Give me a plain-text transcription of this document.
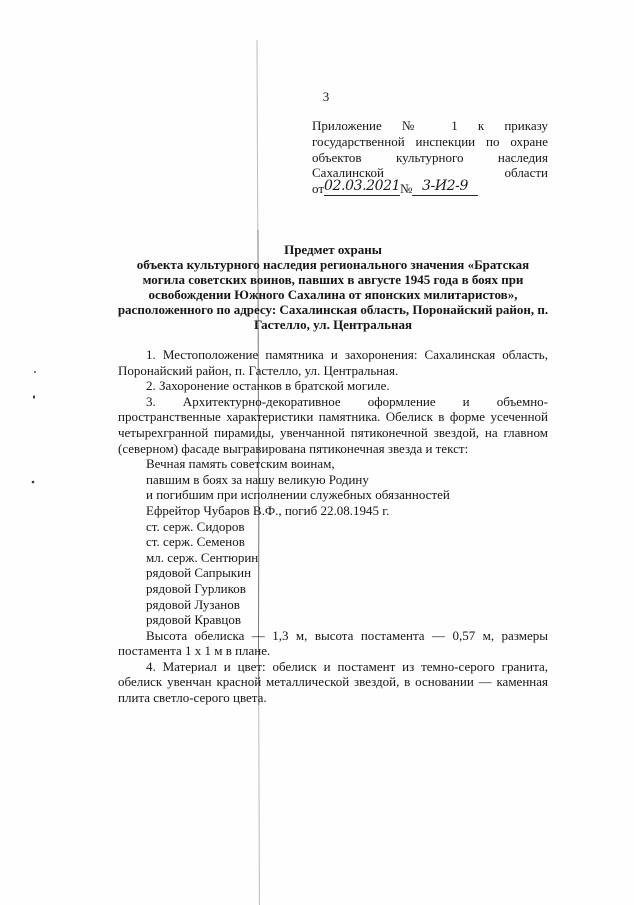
3
Приложение № 1 к приказу
государственной инспекции по охране
объектов культурного наследия
Сахалинской области
от 02.03.2021 № 3-И2-9
Предмет охраны
объекта культурного наследия регионального значения «Братская
могила советских воинов, павших в августе 1945 года в боях при
освобождении Южного Сахалина от японских милитаристов»,
расположенного по адресу: Сахалинская область, Поронайский район, п.
Гастелло, ул. Центральная
1. Местоположение памятника и захоронения: Сахалинская область,
Поронайский район, п. Гастелло, ул. Центральная.
2. Захоронение останков в братской могиле.
3. Архитектурно-декоративное оформление и объемно-
пространственные характеристики памятника. Обелиск в форме усеченной
четырехгранной пирамиды, увенчанной пятиконечной звездой, на главном
(северном) фасаде выгравирована пятиконечная звезда и текст:
Вечная память советским воинам,
павшим в боях за нашу великую Родину
и погибшим при исполнении служебных обязанностей
Ефрейтор Чубаров В.Ф., погиб 22.08.1945 г.
ст. серж. Сидоров
ст. серж. Семенов
мл. серж. Сентюрин
рядовой Сапрыкин
рядовой Гурликов
рядовой Лузанов
рядовой Кравцов
Высота обелиска — 1,3 м, высота постамента — 0,57 м, размеры
постамента 1 х 1 м в плане.
4. Материал и цвет: обелиск и постамент из темно-серого гранита,
обелиск увенчан красной металлической звездой, в основании — каменная
плита светло-серого цвета.
